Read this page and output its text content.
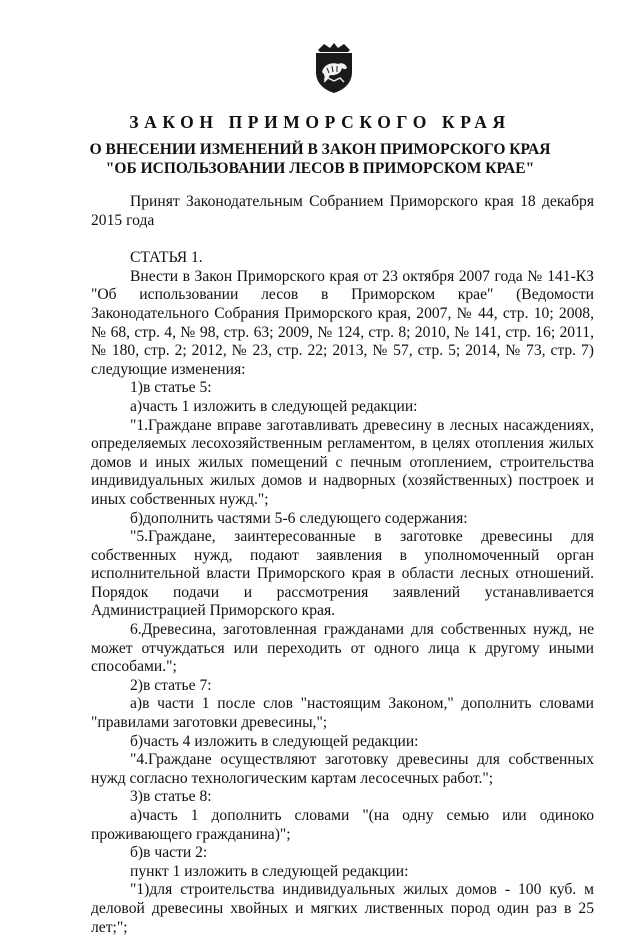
ЗАКОН ПРИМОРСКОГО КРАЯ
О ВНЕСЕНИИ ИЗМЕНЕНИЙ В ЗАКОН ПРИМОРСКОГО КРАЯ
"ОБ ИСПОЛЬЗОВАНИИ ЛЕСОВ В ПРИМОРСКОМ КРАЕ"

Принят Законодательным Собранием Приморского края 18 декабря 2015 года

СТАТЬЯ 1.

Внести в Закон Приморского края от 23 октября 2007 года № 141-КЗ "Об использовании лесов в Приморском крае" (Ведомости Законодательного Собрания Приморского края, 2007, № 44, стр. 10; 2008, № 68, стр. 4, № 98, стр. 63; 2009, № 124, стр. 8; 2010, № 141, стр. 16; 2011, № 180, стр. 2; 2012, № 23, стр. 22; 2013, № 57, стр. 5; 2014, № 73, стр. 7) следующие изменения:

1)в статье 5:

а)часть 1 изложить в следующей редакции:

"1.Граждане вправе заготавливать древесину в лесных насаждениях, определяемых лесохозяйственным регламентом, в целях отопления жилых домов и иных жилых помещений с печным отоплением, строительства индивидуальных жилых домов и надворных (хозяйственных) построек и иных собственных нужд.";

б)дополнить частями 5-6 следующего содержания:

"5.Граждане, заинтересованные в заготовке древесины для собственных нужд, подают заявления в уполномоченный орган исполнительной власти Приморского края в области лесных отношений. Порядок подачи и рассмотрения заявлений устанавливается Администрацией Приморского края.

6.Древесина, заготовленная гражданами для собственных нужд, не может отчуждаться или переходить от одного лица к другому иными способами.";

2)в статье 7:

а)в части 1 после слов "настоящим Законом," дополнить словами "правилами заготовки древесины,";

б)часть 4 изложить в следующей редакции:

"4.Граждане осуществляют заготовку древесины для собственных нужд согласно технологическим картам лесосечных работ.";

3)в статье 8:

а)часть 1 дополнить словами "(на одну семью или одиноко проживающего гражданина)";

б)в части 2:

пункт 1 изложить в следующей редакции:

"1)для строительства индивидуальных жилых домов - 100 куб. м деловой древесины хвойных и мягких лиственных пород один раз в 25 лет;";
